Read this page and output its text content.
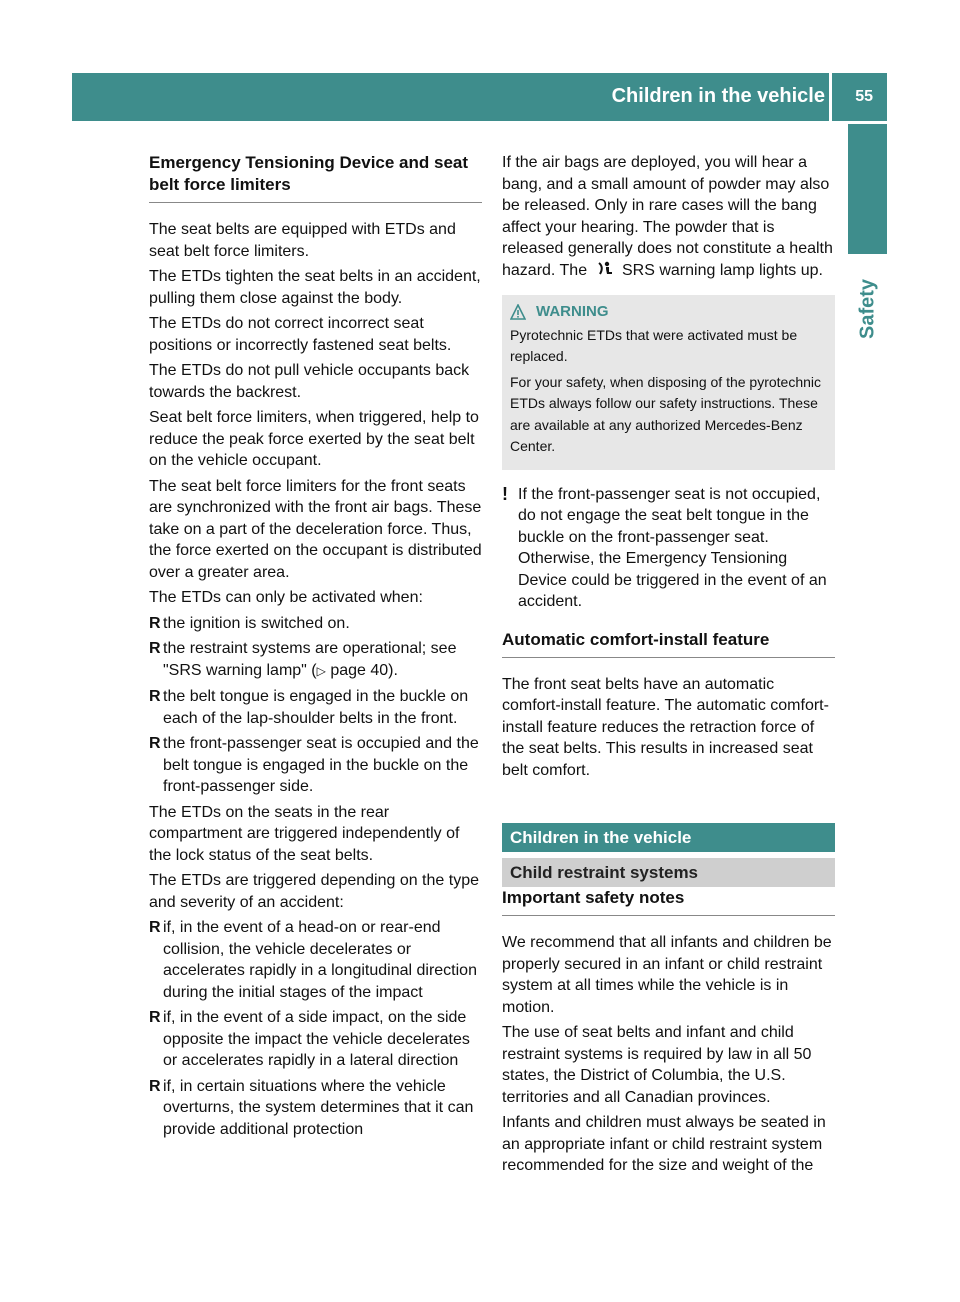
Children in the vehicle 55
Safety
Emergency Tensioning Device and seat belt force limiters

The seat belts are equipped with ETDs and seat belt force limiters.

The ETDs tighten the seat belts in an accident, pulling them close against the body.

The ETDs do not correct incorrect seat positions or incorrectly fastened seat belts.

The ETDs do not pull vehicle occupants back towards the backrest.

Seat belt force limiters, when triggered, help to reduce the peak force exerted by the seat belt on the vehicle occupant.

The seat belt force limiters for the front seats are synchronized with the front air bags. These take on a part of the deceleration force. Thus, the force exerted on the occupant is distributed over a greater area.

The ETDs can only be activated when:

R the ignition is switched on.
R the restraint systems are operational; see "SRS warning lamp" (▷ page 40).
R the belt tongue is engaged in the buckle on each of the lap-shoulder belts in the front.
R the front-passenger seat is occupied and the belt tongue is engaged in the buckle on the front-passenger side.

The ETDs on the seats in the rear compartment are triggered independently of the lock status of the seat belts.

The ETDs are triggered depending on the type and severity of an accident:

R if, in the event of a head-on or rear-end collision, the vehicle decelerates or accelerates rapidly in a longitudinal direction during the initial stages of the impact
R if, in the event of a side impact, on the side opposite the impact the vehicle decelerates or accelerates rapidly in a lateral direction
R if, in certain situations where the vehicle overturns, the system determines that it can provide additional protection

If the air bags are deployed, you will hear a bang, and a small amount of powder may also be released. Only in rare cases will the bang affect your hearing. The powder that is released generally does not constitute a health hazard. The SRS warning lamp lights up.

WARNING

Pyrotechnic ETDs that were activated must be replaced.

For your safety, when disposing of the pyrotechnic ETDs always follow our safety instructions. These are available at any authorized Mercedes-Benz Center.

! If the front-passenger seat is not occupied, do not engage the seat belt tongue in the buckle on the front-passenger seat. Otherwise, the Emergency Tensioning Device could be triggered in the event of an accident.
Automatic comfort-install feature

The front seat belts have an automatic comfort-install feature. The automatic comfort-install feature reduces the retraction force of the seat belts. This results in increased seat belt comfort.

Children in the vehicle
Child restraint systems
Important safety notes

We recommend that all infants and children be properly secured in an infant or child restraint system at all times while the vehicle is in motion.

The use of seat belts and infant and child restraint systems is required by law in all 50 states, the District of Columbia, the U.S. territories and all Canadian provinces.

Infants and children must always be seated in an appropriate infant or child restraint system recommended for the size and weight of the
